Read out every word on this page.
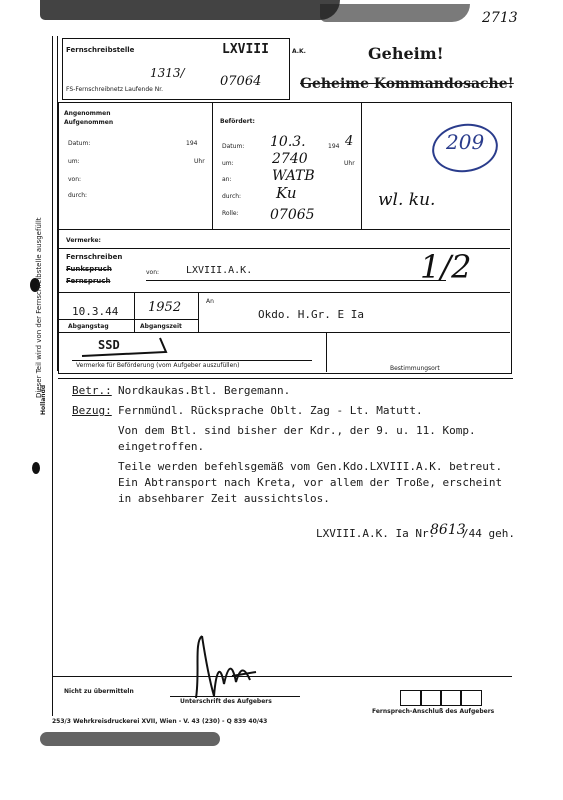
2713
Dieser Teil wird von der Fernschreibstelle ausgefüllt
Hollandd
Fernschreibstelle	LXVIII	A.K.	Geheim!
Geheime Kommandosache!
1313/
07064
FS-Fernschreibnetz Laufende Nr.
Angenommen
Aufgenommen
Datum:	194
um:	Uhr
von:
durch:
Befördert:
Datum: 10.3.	194 4
um:	2740	Uhr
an:	WATB
durch: Ku
Rolle: 07065
209
wl. ku.
Vermerke:
Fernschreiben
Funkspruch
Fernspruch
von:	LXVIII.A.K.	1/2
10.3.44 1952
Abgangstag	Abgangszeit
An
Okdo. H.Gr. E Ia
SSD
Vermerke für Beförderung (vom Aufgeber auszufüllen)	Bestimmungsort
Betr.: Nordkaukas.Btl. Bergemann.
Bezug: Fernmündl. Rücksprache Oblt. Zag - Lt. Matutt.
Von dem Btl. sind bisher der Kdr., der 9. u. 11. Komp.
eingetroffen.
Teile werden befehlsgemäß vom Gen.Kdo.LXVIII.A.K. betreut.
Ein Abtransport nach Kreta, vor allem der Troße, erscheint
in absehbarer Zeit aussichtslos.
LXVIII.A.K. Ia Nr.
8613
/44 geh.
Nicht zu übermitteln
Unterschrift des Aufgebers
Fernsprech-Anschluß des Aufgebers
253/3 Wehrkreisdruckerei XVII, Wien - V. 43 (230) - Q 839 40/43
